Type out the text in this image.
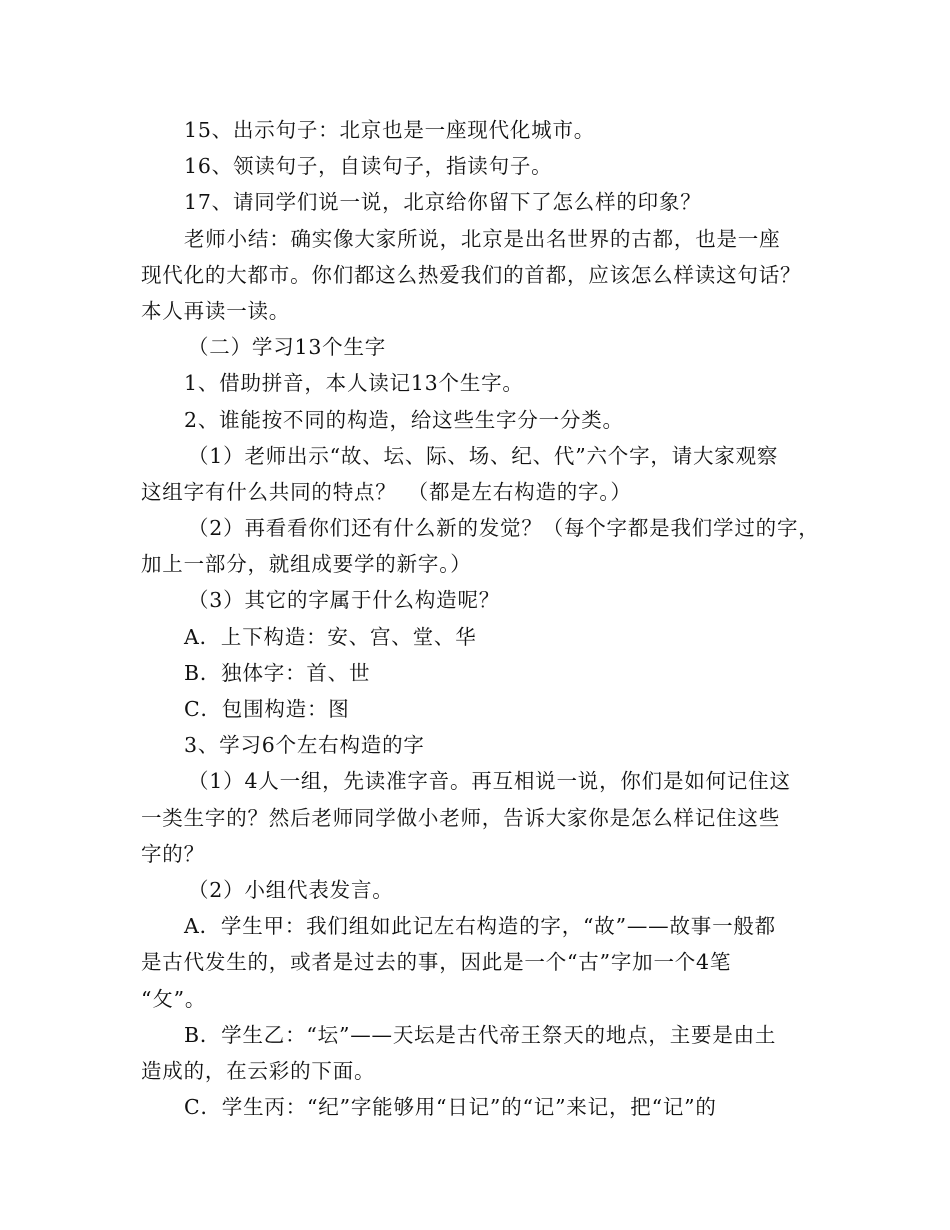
15、出示句子：北京也是一座现代化城市。
16、领读句子，自读句子，指读句子。
17、请同学们说一说，北京给你留下了怎么样的印象？
老师小结：确实像大家所说，北京是出名世界的古都，也是一座
现代化的大都市。你们都这么热爱我们的首都，应该怎么样读这句话？
本人再读一读。
（二）学习13个生字
1、借助拼音，本人读记13个生字。
2、谁能按不同的构造，给这些生字分一分类。
（1）老师出示“故、坛、际、场、纪、代”六个字，请大家观察
这组字有什么共同的特点？　（都是左右构造的字。）
（2）再看看你们还有什么新的发觉？（每个字都是我们学过的字，
加上一部分，就组成要学的新字。）
（3）其它的字属于什么构造呢？
A．上下构造：安、宫、堂、华
B．独体字：首、世
C．包围构造：图
3、学习6个左右构造的字
（1）4人一组，先读准字音。再互相说一说，你们是如何记住这
一类生字的？然后老师同学做小老师，告诉大家你是怎么样记住这些
字的？
（2）小组代表发言。
A．学生甲：我们组如此记左右构造的字，“故”——故事一般都
是古代发生的，或者是过去的事，因此是一个“古”字加一个4笔
“攵”。
B．学生乙：“坛”——天坛是古代帝王祭天的地点，主要是由土
造成的，在云彩的下面。
C．学生丙：“纪”字能够用“日记”的“记”来记，把“记”的
